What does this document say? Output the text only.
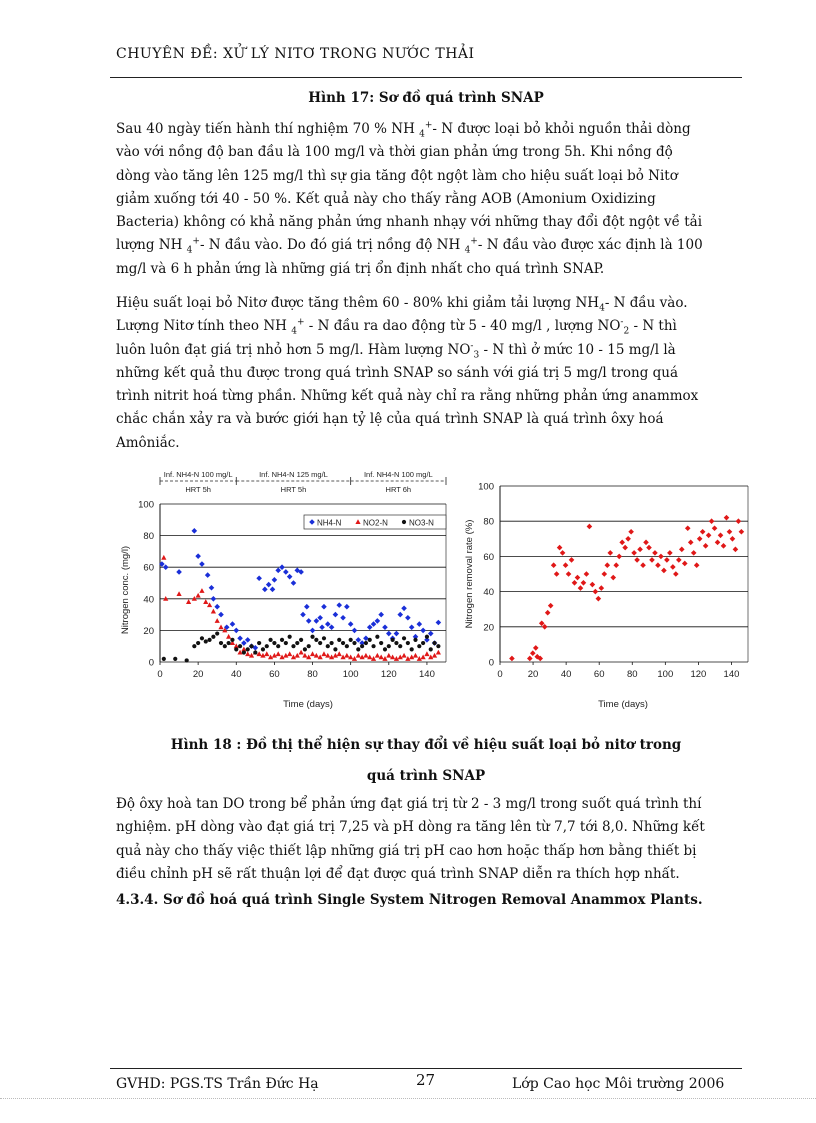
CHUYÊN ĐỀ: XỬ LÝ NITƠ TRONG NƯỚC THẢI
Hình 17: Sơ đồ quá trình SNAP

Sau 40 ngày tiến hành thí nghiệm 70 % NH $_4$+- N được loại bỏ khỏi nguồn thải dòng

vào với nồng độ ban đầu là 100 mg/l và thời gian phản ứng trong 5h. Khi nồng độ

dòng vào tăng lên 125 mg/l thì sự gia tăng đột ngột làm cho hiệu suất loại bỏ Nitơ

giảm xuống tới 40 - 50 %. Kết quả này cho thấy rằng AOB (Amonium Oxidizing

Bacteria) không có khả năng phản ứng nhanh nhạy với những thay đổi đột ngột về tải

lượng NH $_4$+- N đầu vào. Do đó giá trị nồng độ NH $_4$+- N đầu vào được xác định là 100

mg/l và 6 h phản ứng là những giá trị ổn định nhất cho quá trình SNAP.

Hiệu suất loại bỏ Nitơ được tăng thêm 60 - 80% khi giảm tải lượng $NH_4-$ N đầu vào.

Lượng Nitơ tính theo NH $_4$+ - N đầu ra dao động từ 5 - 40 mg/l , lượng $NO^-_2$ - N thì

luôn luôn đạt giá trị nhỏ hơn 5 mg/l. Hàm lượng $NO^-_3$ - N thì ở mức 10 - 15 mg/l là

những kết quả thu được trong quá trình SNAP so sánh với giá trị 5 mg/l trong quá

trình nitrit hoá từng phần. Những kết quả này chỉ ra rằng những phản ứng anammox

chắc chắn xảy ra và bước giới hạn tỷ lệ của quá trình SNAP là quá trình ôxy hoá

Amôniắc.

Inf. NH4-N 100 mg/L
HRT 5h
Inf. NH4-N 125 mg/L
HRT 5h
Inf. NH4-N 100 mg/L
HRT 6h
0
20
40
60
80
100
0	20	40	60	80	100 120 140
NH4-N	NO2-N	NO3-N
Time (days)
Nitrogen conc. (mg/l)
0
20
40
60
80
100
0	20 40 60 80 100 120 140
Time (days)
Nitrogen removal rate (%)
Hình 18 : Đồ thị thể hiện sự thay đổi về hiệu suất loại bỏ nitơ trong
quá trình SNAP

Độ ôxy hoà tan DO trong bể phản ứng đạt giá trị từ 2 - 3 mg/l trong suốt quá trình thí

nghiệm. pH dòng vào đạt giá trị 7,25 và pH dòng ra tăng lên từ 7,7 tới 8,0. Những kết

quả này cho thấy việc thiết lập những giá trị pH cao hơn hoặc thấp hơn bằng thiết bị

điều chỉnh pH sẽ rất thuận lợi để đạt được quá trình SNAP diễn ra thích hợp nhất.

4.3.4. Sơ đồ hoá quá trình Single System Nitrogen Removal Anammox Plants.
GVHD: PGS.TS Trần Đức Hạ	27	Lớp Cao học Môi trường 2006
